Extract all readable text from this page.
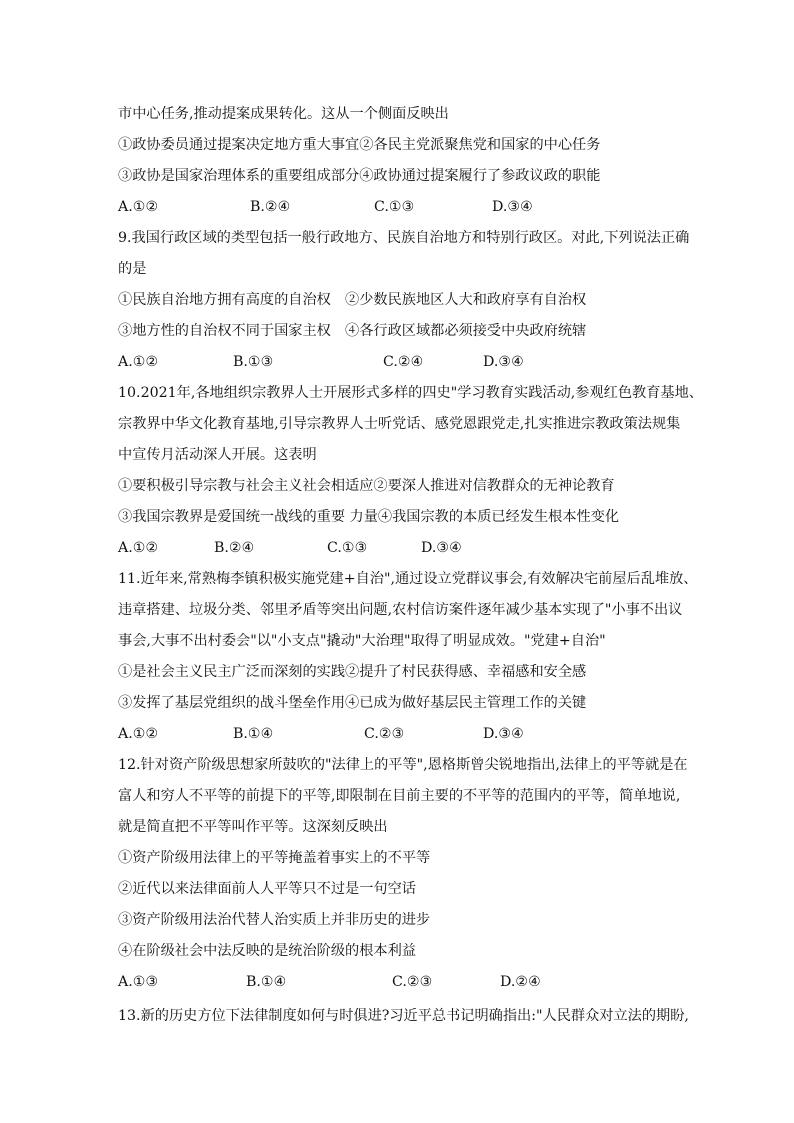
市中心任务,推动提案成果转化。这从一个侧面反映出
①政协委员通过提案决定地方重大事宜②各民主党派聚焦党和国家的中心任务
③政协是国家治理体系的重要组成部分④政协通过提案履行了参政议政的职能
A.①②	B.②④	C.①③	D.③④
9.我国行政区域的类型包括一般行政地方、民族自治地方和特别行政区。对此,下列说法正确
的是
①民族自治地方拥有高度的自治权　②少数民族地区人大和政府享有自治权
③地方性的自治权不同于国家主权　④各行政区域都必须接受中央政府统辖
A.①②	B.①③	C.②④	D.③④
10.2021年,各地组织宗教界人士开展形式多样的四史"学习教育实践活动,参观红色教育基地、
宗教界中华文化教育基地,引导宗教界人士听党话、感党恩跟党走,扎实推进宗教政策法规集
中宣传月活动深人开展。这表明
①要积极引导宗教与社会主义社会相适应②要深人推进对信教群众的无神论教育
③我国宗教界是爱国统一战线的重要 力量④我国宗教的本质已经发生根本性变化
A.①②	B.②④	C.①③	D.③④
11.近年来,常熟梅李镇积极实施党建+自治",通过设立党群议事会,有效解决宅前屋后乱堆放、
违章搭建、垃圾分类、邻里矛盾等突出问题,农村信访案件逐年减少基本实现了"小事不出议
事会,大事不出村委会"以"小支点"撬动"大治理"取得了明显成效。"党建+自治"
①是社会主义民主广泛而深刻的实践②提升了村民获得感、幸福感和安全感
③发挥了基层党组织的战斗堡垒作用④已成为做好基层民主管理工作的关键
A.①②	B.①④	C.②③	D.③④
12.针对资产阶级思想家所鼓吹的"法律上的平等",恩格斯曾尖锐地指出,法律上的平等就是在
富人和穷人不平等的前提下的平等,即限制在目前主要的不平等的范围内的平等，简单地说,
就是简直把不平等叫作平等。这深刻反映出
①资产阶级用法律上的平等掩盖着事实上的不平等
②近代以来法律面前人人平等只不过是一句空话
③资产阶级用法治代替人治实质上并非历史的进步
④在阶级社会中法反映的是统治阶级的根本利益
A.①③	B.①④	C.②③	D.②④
13.新的历史方位下法律制度如何与时俱进?习近平总书记明确指出:"人民群众对立法的期盼,
